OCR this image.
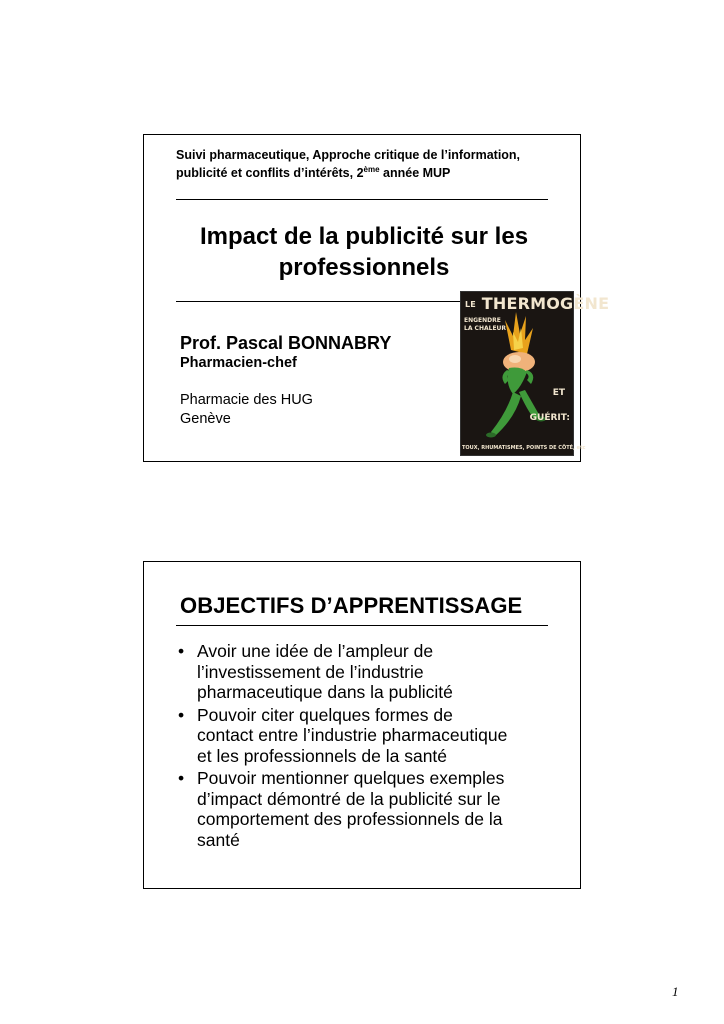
Suivi pharmaceutique, Approche critique de l’information,
publicité et conflits d’intérêts, 2ème année MUP
Impact de la publicité sur les
professionnels
Prof. Pascal BONNABRY
Pharmacien-chef
Pharmacie des HUG
Genève
LE THERMOGÈNE
ENGENDRE
LA CHALEUR
ET
GUÉRIT:
TOUX, RHUMATISMES, POINTS DE CÔTÉ, etc
OBJECTIFS D’APPRENTISSAGE
• Avoir une idée de l’ampleur de
l’investissement de l’industrie
pharmaceutique dans la publicité
• Pouvoir citer quelques formes de
contact entre l’industrie pharmaceutique
et les professionnels de la santé
• Pouvoir mentionner quelques exemples
d’impact démontré de la publicité sur le
comportement des professionnels de la
santé
1
